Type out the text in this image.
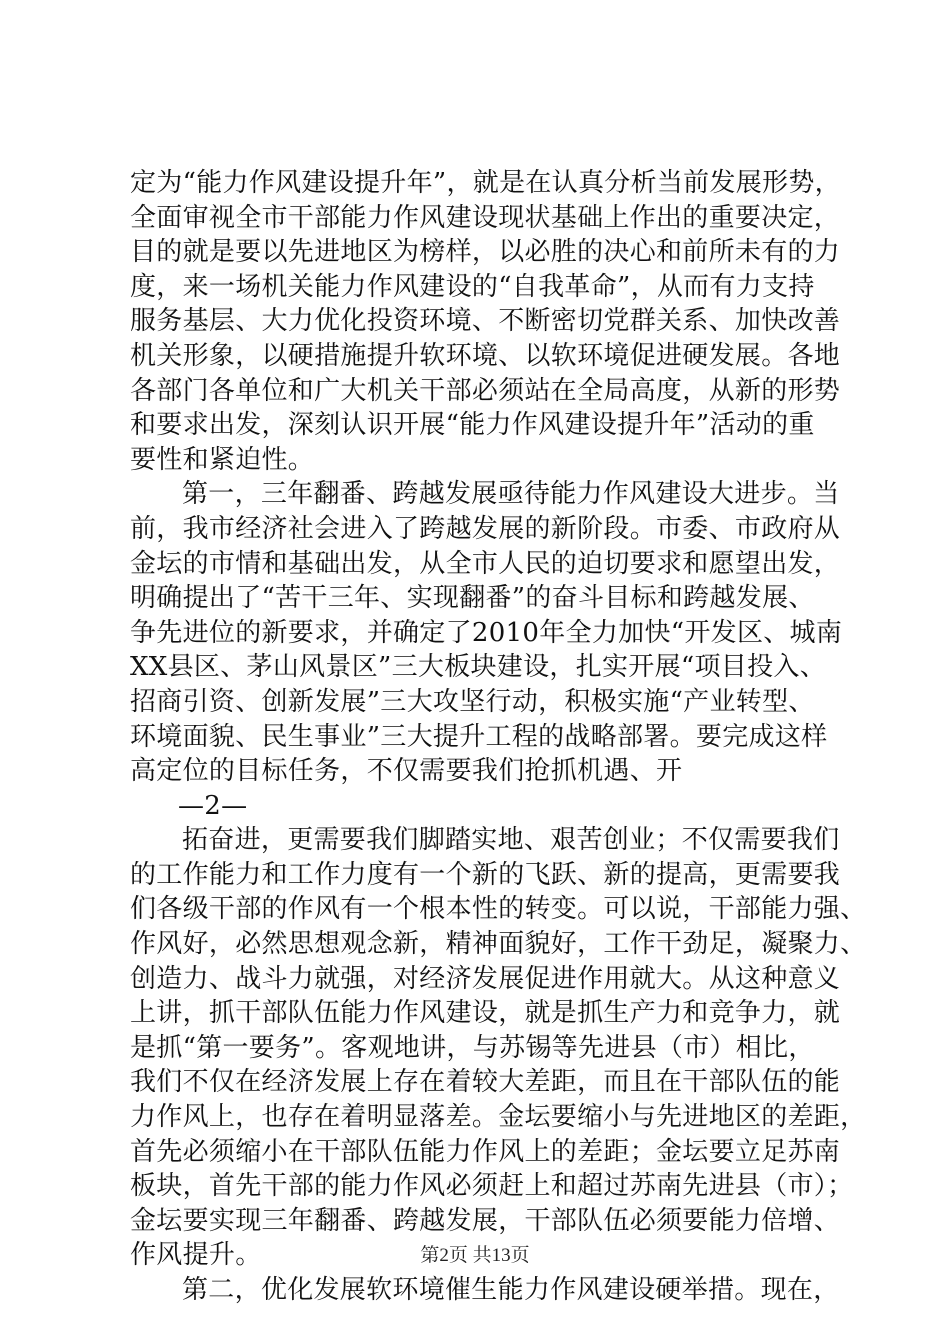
定为“能力作风建设提升年”，就是在认真分析当前发展形势，
全面审视全市干部能力作风建设现状基础上作出的重要决定，
目的就是要以先进地区为榜样，以必胜的决心和前所未有的力
度，来一场机关能力作风建设的“自我革命”，从而有力支持
服务基层、大力优化投资环境、不断密切党群关系、加快改善
机关形象，以硬措施提升软环境、以软环境促进硬发展。各地
各部门各单位和广大机关干部必须站在全局高度，从新的形势
和要求出发，深刻认识开展“能力作风建设提升年”活动的重
要性和紧迫性。
第一，三年翻番、跨越发展亟待能力作风建设大进步。当
前，我市经济社会进入了跨越发展的新阶段。市委、市政府从
金坛的市情和基础出发，从全市人民的迫切要求和愿望出发，
明确提出了“苦干三年、实现翻番”的奋斗目标和跨越发展、
争先进位的新要求，并确定了2010年全力加快“开发区、城南
XX县区、茅山风景区”三大板块建设，扎实开展“项目投入、
招商引资、创新发展”三大攻坚行动，积极实施“产业转型、
环境面貌、民生事业”三大提升工程的战略部署。要完成这样
高定位的目标任务，不仅需要我们抢抓机遇、开
—2—
拓奋进，更需要我们脚踏实地、艰苦创业；不仅需要我们
的工作能力和工作力度有一个新的飞跃、新的提高，更需要我
们各级干部的作风有一个根本性的转变。可以说，干部能力强、
作风好，必然思想观念新，精神面貌好，工作干劲足，凝聚力、
创造力、战斗力就强，对经济发展促进作用就大。从这种意义
上讲，抓干部队伍能力作风建设，就是抓生产力和竞争力，就
是抓“第一要务”。客观地讲，与苏锡等先进县（市）相比，
我们不仅在经济发展上存在着较大差距，而且在干部队伍的能
力作风上，也存在着明显落差。金坛要缩小与先进地区的差距，
首先必须缩小在干部队伍能力作风上的差距；金坛要立足苏南
板块，首先干部的能力作风必须赶上和超过苏南先进县（市）；
金坛要实现三年翻番、跨越发展，干部队伍必须要能力倍增、
作风提升。
第二，优化发展软环境催生能力作风建设硬举措。现在，
第2页 共13页
